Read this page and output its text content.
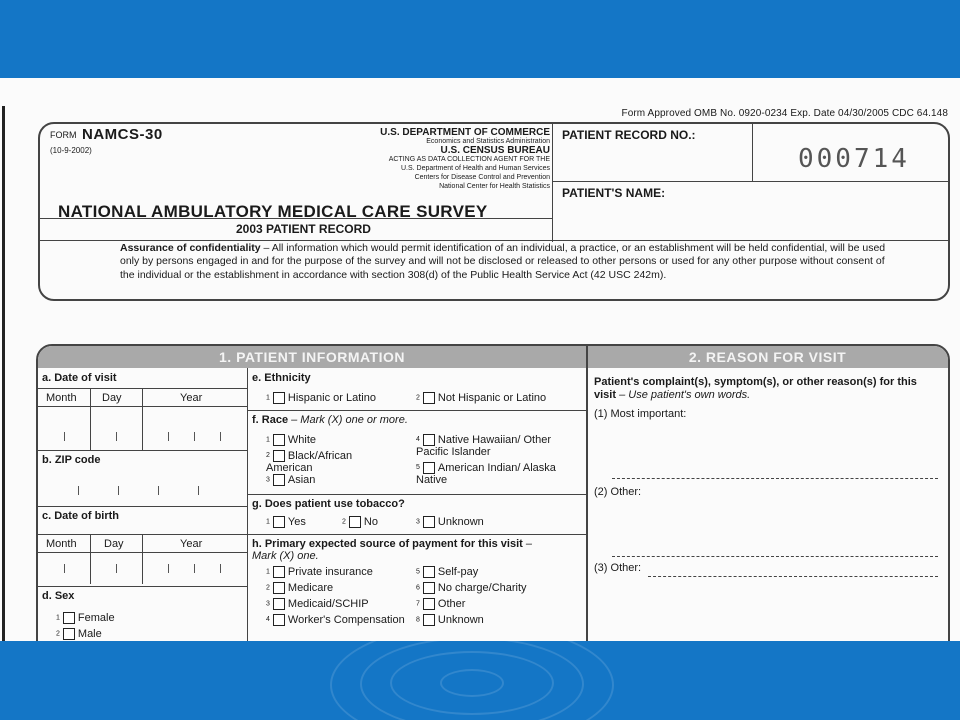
Form Approved OMB No. 0920-0234 Exp. Date 04/30/2005 CDC 64.148
FORM NAMCS-30
(10-9-2002)
U.S. DEPARTMENT OF COMMERCE
Economics and Statistics Administration
U.S. CENSUS BUREAU
ACTING AS DATA COLLECTION AGENT FOR THE
U.S. Department of Health and Human Services
Centers for Disease Control and Prevention
National Center for Health Statistics
NATIONAL AMBULATORY MEDICAL CARE SURVEY
2003 PATIENT RECORD
PATIENT RECORD NO.:
000714
PATIENT'S NAME:
Assurance of confidentiality – All information which would permit identification of an individual, a practice, or an establishment will be held confidential, will be used only by persons engaged in and for the purpose of the survey and will not be disclosed or released to other persons or used for any other purpose without consent of the individual or the establishment in accordance with section 308(d) of the Public Health Service Act (42 USC 242m).
1. PATIENT INFORMATION	2. REASON FOR VISIT
a. Date of visit
Month Day	Year
b. ZIP code
c. Date of birth
Month Day	Year
d. Sex
1 Female
2 Male
e. Ethnicity
1 Hispanic or Latino	2 Not Hispanic or Latino
f. Race – Mark (X) one or more.
1 White
2 Black/African American
3 Asian
4 Native Hawaiian/ Other Pacific Islander
5 American Indian/ Alaska Native
g. Does patient use tobacco?
1 Yes	2 No	3 Unknown
h. Primary expected source of payment for this visit – Mark (X) one.
1 Private insurance
2 Medicare
3 Medicaid/SCHIP
4 Worker's Compensation
5 Self-pay
6 No charge/Charity
7 Other
8 Unknown
Patient's complaint(s), symptom(s), or other reason(s) for this visit – Use patient's own words.
(1) Most important:
(2) Other:
(3) Other:
